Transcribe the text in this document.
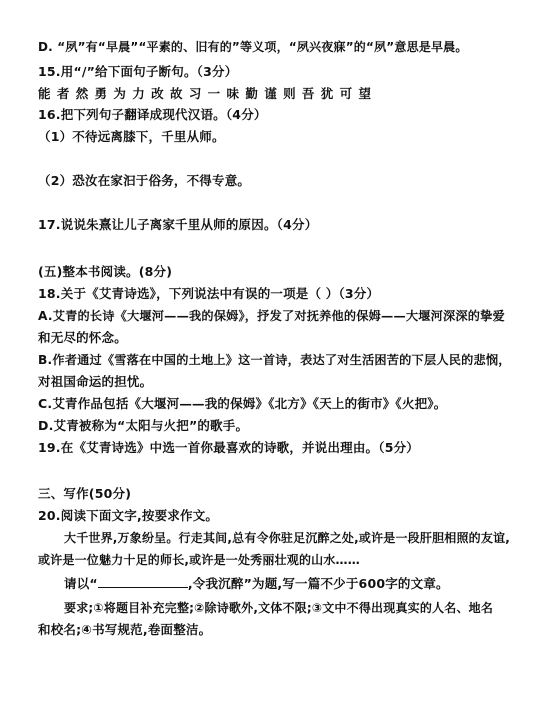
D. “夙”有“早晨”“平素的、旧有的”等义项，“夙兴夜寐”的“夙”意思是早晨。
15.用“/”给下面句子断句。（3分）
能 者 然 勇 为 力 改 故 习 一 味 勤 谨 则 吾 犹 可 望
16.把下列句子翻译成现代汉语。（4分）
（1）不待远离膝下，千里从师。
（2）恐汝在家汩于俗务，不得专意。
17.说说朱熹让儿子离家千里从师的原因。（4分）
(五)整本书阅读。(8分)
18.关于《艾青诗选》，下列说法中有误的一项是（ ）（3分）
A.艾青的长诗《大堰河——我的保姆》，抒发了对抚养他的保姆——大堰河深深的挚爱
和无尽的怀念。
B.作者通过《雪落在中国的土地上》这一首诗，表达了对生活困苦的下层人民的悲悯，
对祖国命运的担忧。
C.艾青作品包括《大堰河——我的保姆》《北方》《天上的街市》《火把》。
D.艾青被称为“太阳与火把”的歌手。
19.在《艾青诗选》中选一首你最喜欢的诗歌，并说出理由。（5分）
三、写作(50分)
20.阅读下面文字,按要求作文。
大千世界,万象纷呈。行走其间,总有令你驻足沉醉之处,或许是一段肝胆相照的友谊,
或许是一位魅力十足的师长,或许是一处秀丽壮观的山水……
请以“	,令我沉醉”为题,写一篇不少于600字的文章。
要求;①将题目补充完整;②除诗歌外,文体不限;③文中不得出现真实的人名、地名
和校名;④书写规范,卷面整洁。
